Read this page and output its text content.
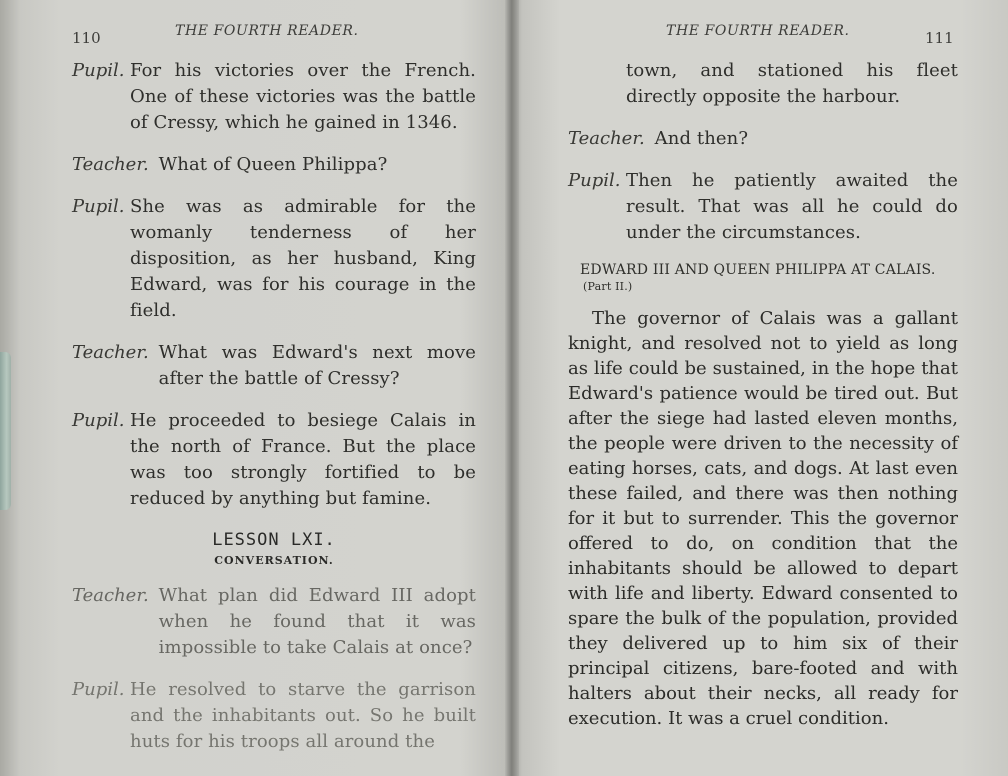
110	THE FOURTH READER.	THE FOURTH READER.	111
Pupil. For his victories over the French. One of these victories was the battle of Cressy, which he gained in 1346.
Teacher. What of Queen Philippa?
Pupil. She was as admirable for the womanly tenderness of her disposition, as her husband, King Edward, was for his courage in the field.
Teacher. What was Edward's next move after the battle of Cressy?
Pupil. He proceeded to besiege Calais in the north of France. But the place was too strongly fortified to be reduced by anything but famine.
LESSON LXI.
CONVERSATION.
Teacher. What plan did Edward III adopt when he found that it was impossible to take Calais at once?
Pupil. He resolved to starve the garrison and the inhabitants out. So he built huts for his troops all around the
town, and stationed his fleet directly opposite the harbour.
Teacher. And then?
Pupil. Then he patiently awaited the result. That was all he could do under the circumstances.
EDWARD III AND QUEEN PHILIPPA AT CALAIS. (Part II.)

The governor of Calais was a gallant knight, and resolved not to yield as long as life could be sustained, in the hope that Edward's patience would be tired out. But after the siege had lasted eleven months, the people were driven to the necessity of eating horses, cats, and dogs. At last even these failed, and there was then nothing for it but to surrender. This the governor offered to do, on condition that the inhabitants should be allowed to depart with life and liberty. Edward consented to spare the bulk of the population, provided they delivered up to him six of their principal citizens, bare-footed and with halters about their necks, all ready for execution. It was a cruel condition.
